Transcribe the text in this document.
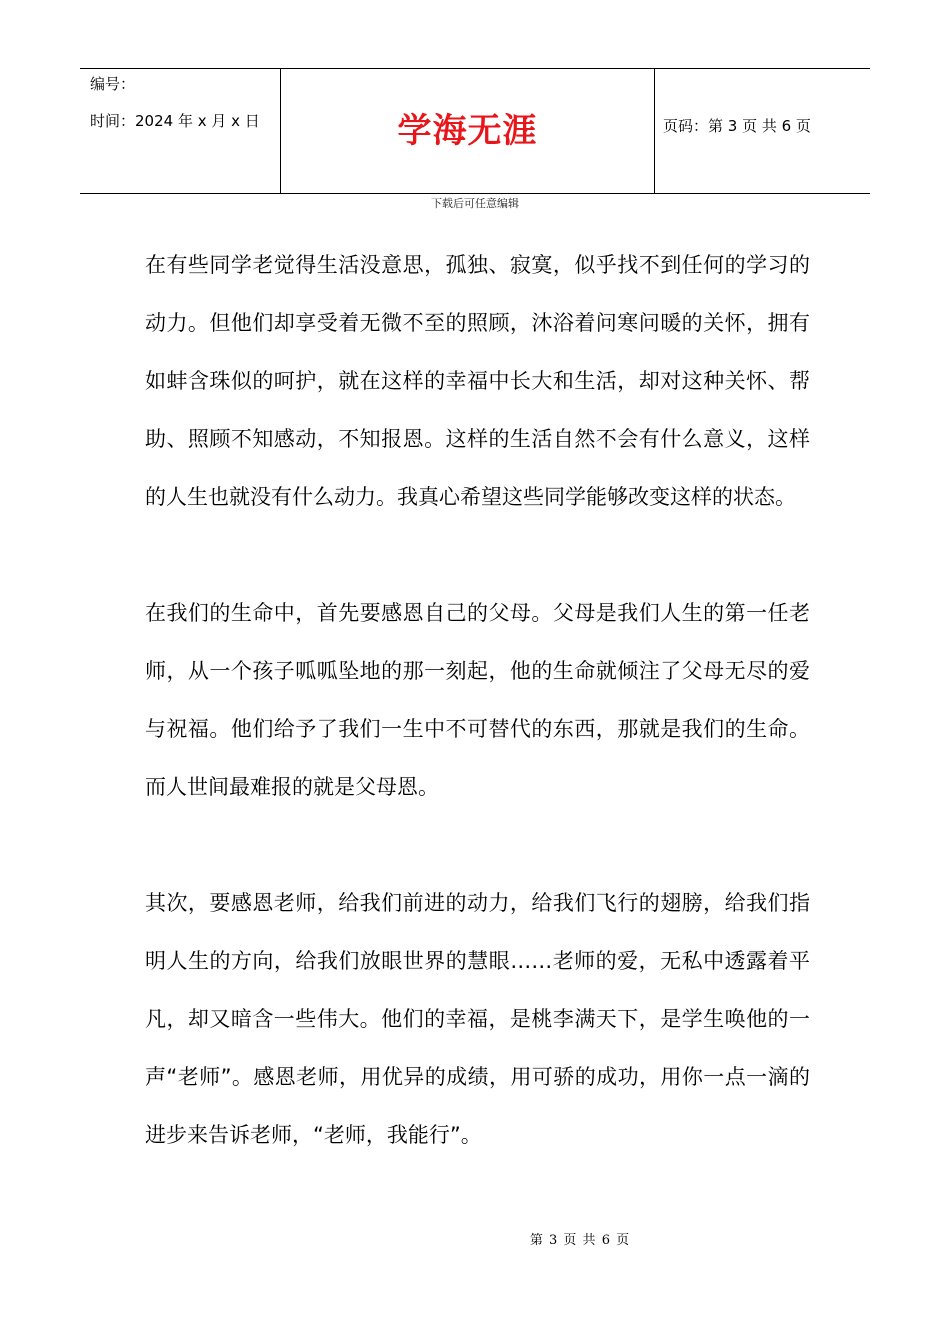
编号：
时间：2024 年 x 月 x 日	学海无涯	页码：第 3 页 共 6 页
下载后可任意编辑

在有些同学老觉得生活没意思，孤独、寂寞，似乎找不到任何的学习的动力。但他们却享受着无微不至的照顾，沐浴着问寒问暖的关怀，拥有如蚌含珠似的呵护，就在这样的幸福中长大和生活，却对这种关怀、帮助、照顾不知感动，不知报恩。这样的生活自然不会有什么意义，这样的人生也就没有什么动力。我真心希望这些同学能够改变这样的状态。

在我们的生命中，首先要感恩自己的父母。父母是我们人生的第一任老师，从一个孩子呱呱坠地的那一刻起，他的生命就倾注了父母无尽的爱与祝福。他们给予了我们一生中不可替代的东西，那就是我们的生命。而人世间最难报的就是父母恩。

其次，要感恩老师，给我们前进的动力，给我们飞行的翅膀，给我们指明人生的方向，给我们放眼世界的慧眼……老师的爱，无私中透露着平凡，却又暗含一些伟大。他们的幸福，是桃李满天下，是学生唤他的一声“老师”。感恩老师，用优异的成绩，用可骄的成功，用你一点一滴的进步来告诉老师，“老师，我能行”。

第 3 页 共 6 页
